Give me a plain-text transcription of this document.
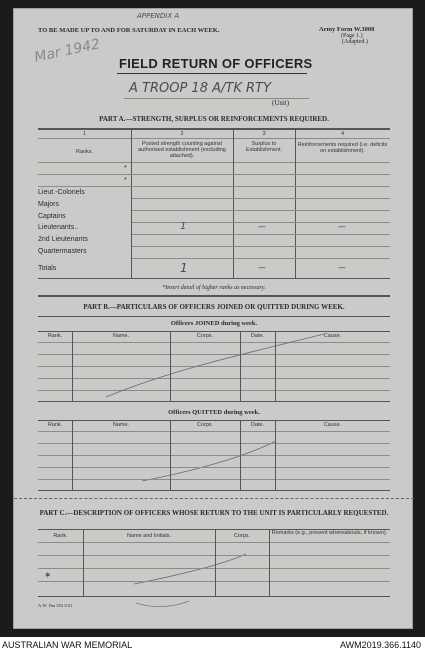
TO BE MADE UP TO AND FOR SATURDAY IN EACH WEEK.	Army Form W.3008
(Page 1.)
(Adapted.)
APPENDIX A
Mar 1942 FIELD RETURN OF OFFICERS
A TROOP 18 A/TK RTY
(Unit)
PART A.—STRENGTH, SURPLUS OR REINFORCEMENTS REQUIRED.
1	2	3	4
Ranks.
Posted strength counting against authorised establishment (excluding attached).
Surplus to Establishment.
Reinforcements required (i.e. deficits on establishment).
*
*
Lieut.-Colonels
Majors
Captains
Lieutenants..	1	—	—
2nd Lieutenants
Quartermasters
Totals	1	—	—
*Insert detail of higher ranks as necessary.
PART B.—PARTICULARS OF OFFICERS JOINED OR QUITTED DURING WEEK.
Officers JOINED during week.
Rank.	Name.	Corps.	Date.	Cause.
Officers QUITTED during week.
Rank.	Name.	Corps.	Date.	Cause.
PART C.—DESCRIPTION OF OFFICERS WHOSE RETURN TO THE UNIT IS PARTICULARLY REQUESTED.
Rank.	Name and Initials.	Corps.	Remarks (e.g., present whereabouts, if known).
✶
A.W. Dm 553 5/41
AUSTRALIAN WAR MEMORIAL	AWM2019.366.1140
